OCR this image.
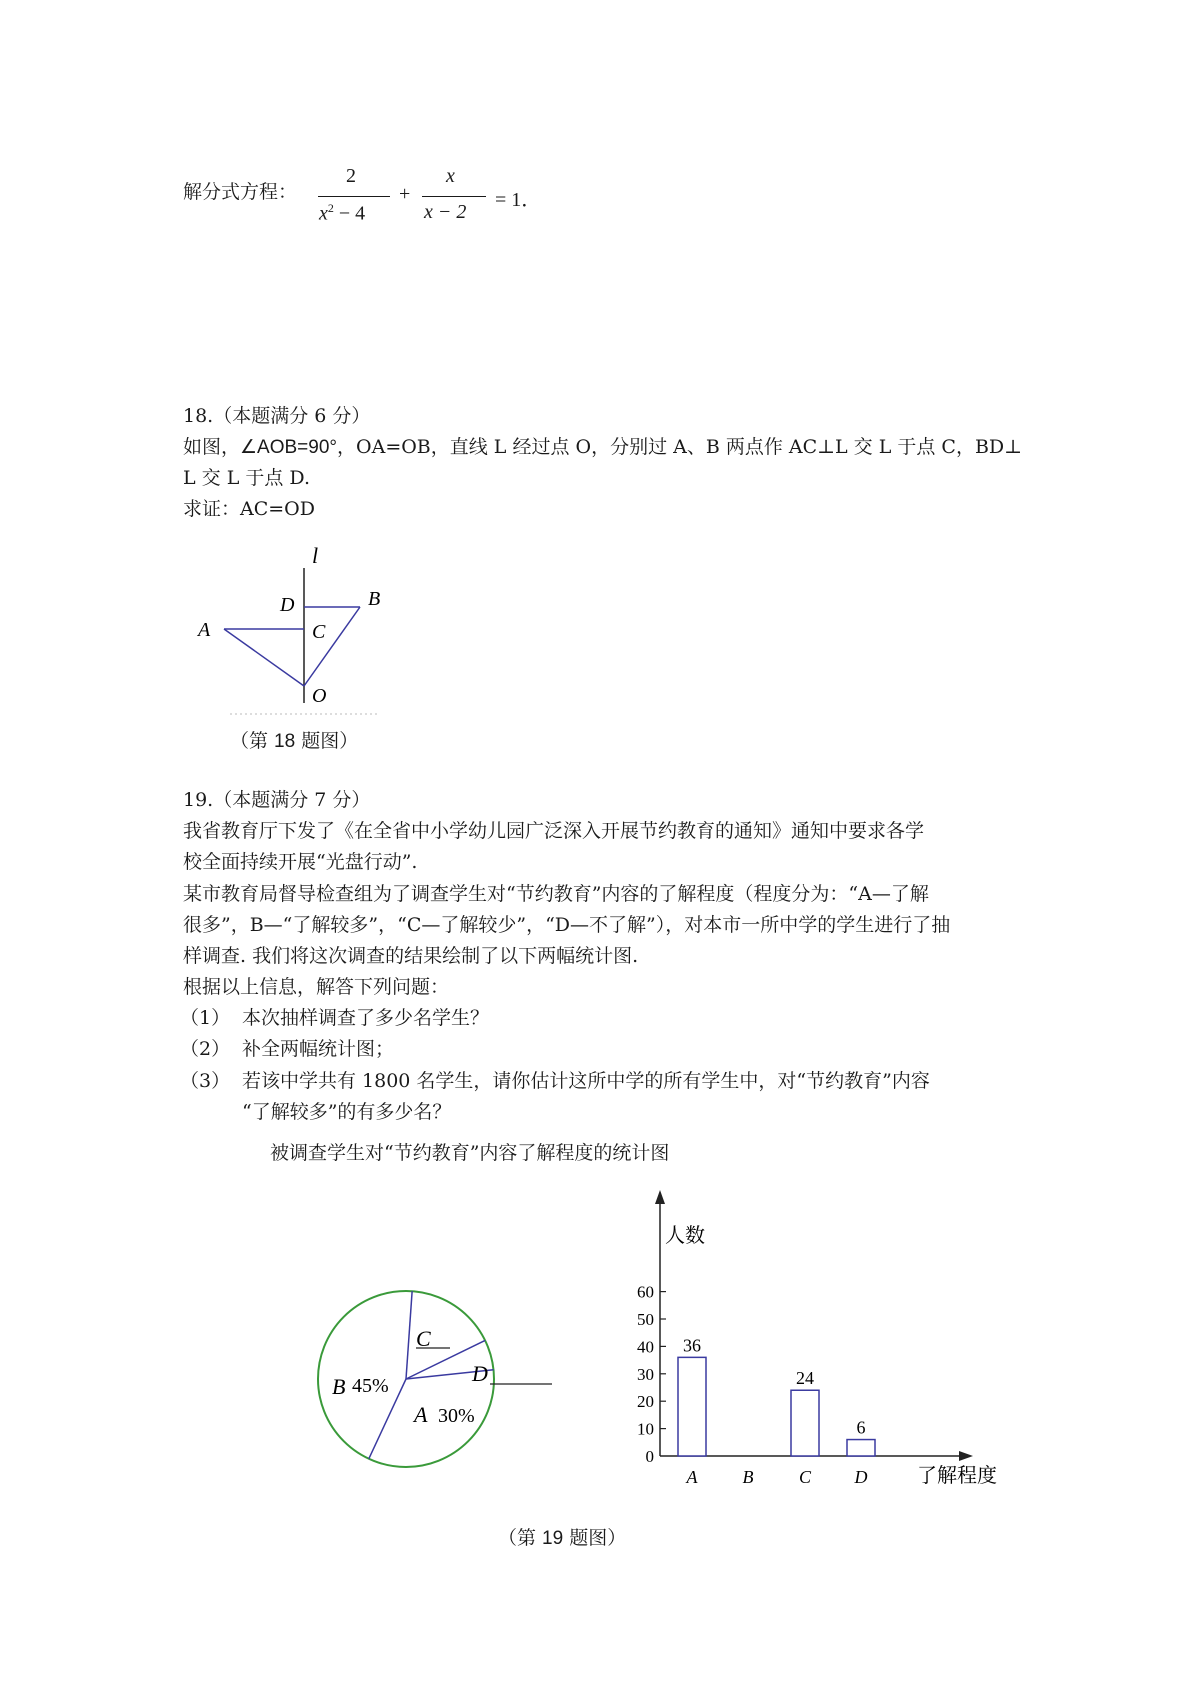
解分式方程：
2
$x^2 - 4$
+
x
x − 2
= 1．
18.（本题满分 6 分）
如图，∠AOB=90°，OA=OB，直线 L 经过点 O，分别过 A、B 两点作 AC⊥L 交 L 于点 C，BD⊥
L 交 L 于点 D.
求证：AC=OD
l
A
B
C
D
O
（第 18 题图）
19.（本题满分 7 分）
我省教育厅下发了《在全省中小学幼儿园广泛深入开展节约教育的通知》通知中要求各学
校全面持续开展“光盘行动”.
某市教育局督导检查组为了调查学生对“节约教育”内容的了解程度（程度分为：“A—了解
很多”，B—“了解较多”，“C—了解较少”，“D—不了解”），对本市一所中学的学生进行了抽
样调查. 我们将这次调查的结果绘制了以下两幅统计图.
根据以上信息，解答下列问题：
（1） 本次抽样调查了多少名学生？
（2） 补全两幅统计图；
（3） 若该中学共有 1800 名学生，请你估计这所中学的所有学生中，对“节约教育”内容
“了解较多”的有多少名？
被调查学生对“节约教育”内容了解程度的统计图
C
D
B 45%
A 30%
人数
了解程度
0
10
20
30
40
50
60
36
A	B
24
C
6
D
（第 19 题图）
